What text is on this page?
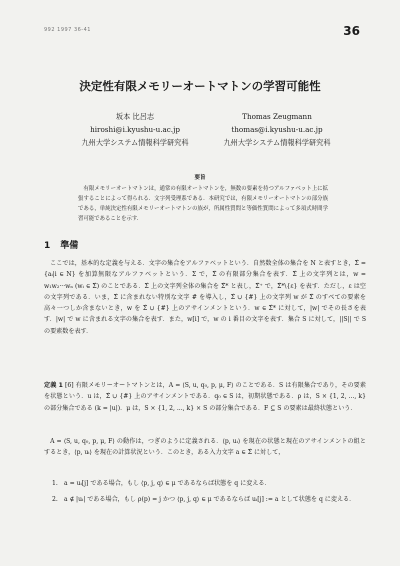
992 1997 36-41	36
決定性有限メモリーオートマトンの学習可能性
坂本 比呂志
hiroshi@i.kyushu-u.ac.jp
九州大学システム情報科学研究科
Thomas Zeugmann
thomas@i.kyushu-u.ac.jp
九州大学システム情報科学研究科
要旨

有限メモリーオートマトンは，通常の有限オートマトンを，無数の要素を持つアルファベット上に拡張することによって得られる．文字列受理系である．本研究では，有限メモリーオートマトンの部分族である，単純決定性有限メモリーオートマトンの族が，所属性質問と等価性質問によって多項式時間学習可能であることを示す．

1 準備

ここでは，基本的な定義を与える．文字の集合をアルファベットという．自然数全体の集合を N と表すとき，Σ̂ = {aᵢ|i ∈ N} を加算無限なアルファベットという．Σ で，Σ̂ の有限部分集合を表す．Σ̂ 上の文字列とは，w = w₁w₂···wₙ (wᵢ ∈ Σ̂) のことである．Σ̂ 上の文字列全体の集合を Σ̂* と表し，Σ̂⁺ で，Σ̂*\{ε} を表す．ただし，ε は空の文字列である．いま，Σ̂ に含まれない特別な文字 # を導入し，Σ̂ ∪ {#} 上の文字列 w が Σ̂ のすべての要素を高々一つしか含まないとき，w を Σ̂ ∪ {#} 上のアサインメントという．w ∈ Σ̂* に対して，|w| でその長さを表す．|w| で w に含まれる文字の集合を表す．また，w[i] で，w の i 番目の文字を表す．集合 S に対して，||S|| で S の要素数を表す．

定義 1 [6] 有限メモリーオートマトンとは，A = ⟨S, u, q₀, p, μ, F⟩ のことである．S は有限集合であり，その要素を状態という．u は，Σ̂ ∪ {#} 上のアサインメントである．q₀ ∈ S は，初期状態である．ρ は，S × {1, 2, ..., k} の部分集合である (k = |u|)．μ は，S × {1, 2, ..., k} × S の部分集合である．F ⊆ S の要素は最終状態という．

A = ⟨S, u, q₀, p, μ, F⟩ の動作は，つぎのように定義される．⟨p, uᵢ⟩ を現在の状態と現在のアサインメントの組とするとき，⟨p, uᵢ⟩ を現在の計算状況という．このとき，ある入力文字 a ∈ Σ̂ に対して，

1. a = uᵢ[j] である場合，もし ⟨p, j, q⟩ ∈ μ であるならば状態を q に変える．
2. a ∉ |uᵢ| である場合，もし ρ(p) = j かつ ⟨p, j, q⟩ ∈ μ であるならば uᵢ[j] := a として状態を q に変える．
